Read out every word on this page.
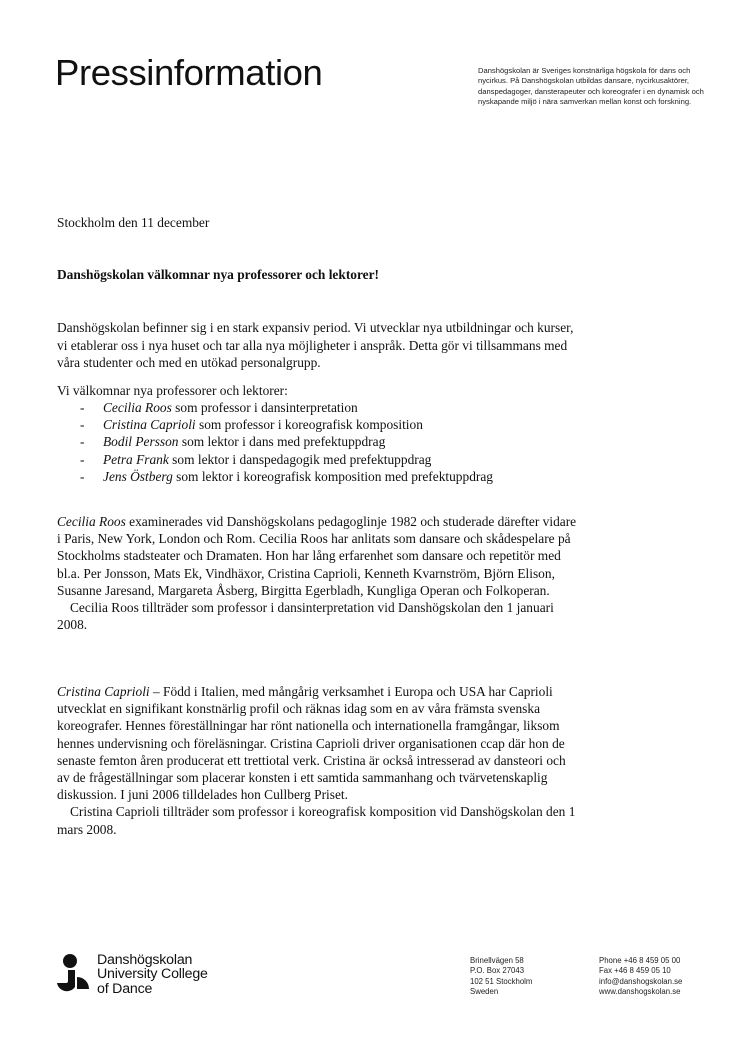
Pressinformation	Danshögskolan är Sveriges konstnärliga högskola för dans och nycirkus. På Danshögskolan utbildas dansare, nycirkusaktörer, danspedagoger, dansterapeuter och koreografer i en dynamisk och nyskapande miljö i nära samverkan mellan konst och forskning.
Stockholm den 11 december
Danshögskolan välkomnar nya professorer och lektorer!

Danshögskolan befinner sig i en stark expansiv period. Vi utvecklar nya utbildningar och kurser, vi etablerar oss i nya huset och tar alla nya möjligheter i anspråk. Detta gör vi tillsammans med våra studenter och med en utökad personalgrupp.

Vi välkomnar nya professorer och lektorer:
-	Cecilia Roos som professor i dansinterpretation
-	Cristina Caprioli som professor i koreografisk komposition
-	Bodil Persson som lektor i dans med prefektuppdrag
-	Petra Frank som lektor i danspedagogik med prefektuppdrag
-	Jens Östberg som lektor i koreografisk komposition med prefektuppdrag

Cecilia Roos examinerades vid Danshögskolans pedagoglinje 1982 och studerade därefter vidare i Paris, New York, London och Rom. Cecilia Roos har anlitats som dansare och skådespelare på Stockholms stadsteater och Dramaten. Hon har lång erfarenhet som dansare och repetitör med bl.a. Per Jonsson, Mats Ek, Vindhäxor, Cristina Caprioli, Kenneth Kvarnström, Björn Elison, Susanne Jaresand, Margareta Åsberg, Birgitta Egerbladh, Kungliga Operan och Folkoperan.

Cecilia Roos tillträder som professor i dansinterpretation vid Danshögskolan den 1 januari 2008.

Cristina Caprioli – Född i Italien, med mångårig verksamhet i Europa och USA har Caprioli utvecklat en signifikant konstnärlig profil och räknas idag som en av våra främsta svenska koreografer. Hennes föreställningar har rönt nationella och internationella framgångar, liksom hennes undervisning och föreläsningar. Cristina Caprioli driver organisationen ccap där hon de senaste femton åren producerat ett trettiotal verk. Cristina är också intresserad av dansteori och av de frågeställningar som placerar konsten i ett samtida sammanhang och tvärvetenskaplig diskussion. I juni 2006 tilldelades hon Cullberg Priset.

Cristina Caprioli tillträder som professor i koreografisk komposition vid Danshögskolan den 1 mars 2008.

Danshögskolan
University College
of Dance
Brinellvägen 58
P.O. Box 27043
102 51 Stockholm
Sweden
Phone +46 8 459 05 00
Fax +46 8 459 05 10
info@danshogskolan.se
www.danshogskolan.se
